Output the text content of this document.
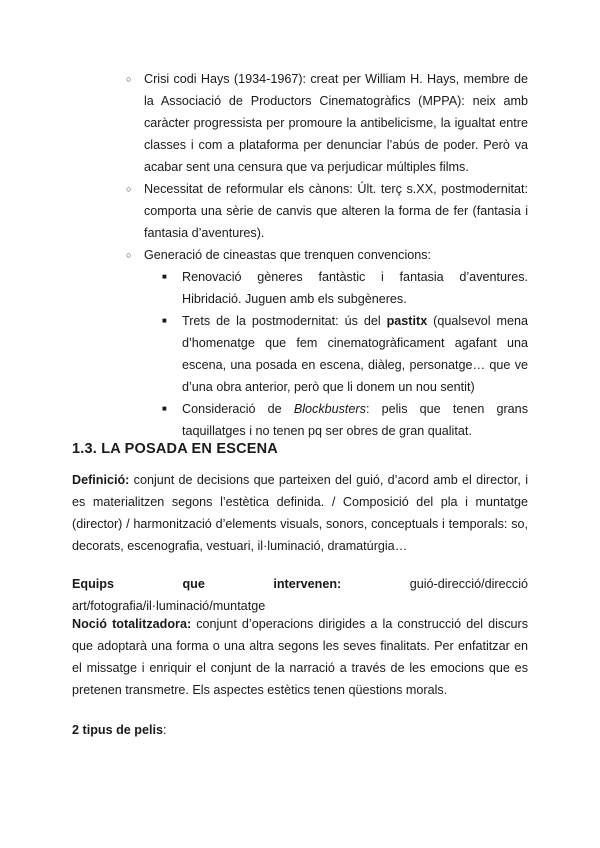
○ Crisi codi Hays (1934-1967): creat per William H. Hays, membre de la Associació de Productors Cinematogràfics (MPPA): neix amb caràcter progressista per promoure la antibelicisme, la igualtat entre classes i com a plataforma per denunciar l’abús de poder. Però va acabar sent una censura que va perjudicar múltiples films.
○ Necessitat de reformular els cànons: Últ. terç s.XX, postmodernitat: comporta una sèrie de canvis que alteren la forma de fer (fantasia i fantasia d’aventures).
○ Generació de cineastas que trenquen convencions:
■ Renovació gèneres fantàstic i fantasia d’aventures. Hibridació. Juguen amb els subgèneres.
■ Trets de la postmodernitat: ús del pastitx (qualsevol mena d’homenatge que fem cinematogràficament agafant una escena, una posada en escena, diàleg, personatge… que ve d’una obra anterior, però que li donem un nou sentit)
■ Consideració de Blockbusters: pelis que tenen grans taquillatges i no tenen pq ser obres de gran qualitat.
1.3. LA POSADA EN ESCENA

Definició: conjunt de decisions que parteixen del guió, d’acord amb el director, i es materialitzen segons l’estètica definida. / Composició del pla i muntatge (director) / harmonització d’elements visuals, sonors, conceptuals i temporals: so, decorats, escenografia, vestuari, il·luminació, dramatúrgia…

Equips que intervenen: guió-direcció/direcció art/fotografia/il·luminació/muntatge

Noció totalitzadora: conjunt d’operacions dirigides a la construcció del discurs que adoptarà una forma o una altra segons les seves finalitats. Per enfatitzar en el missatge i enriquir el conjunt de la narració a través de les emocions que es pretenen transmetre. Els aspectes estètics tenen qüestions morals.

2 tipus de pelis:
